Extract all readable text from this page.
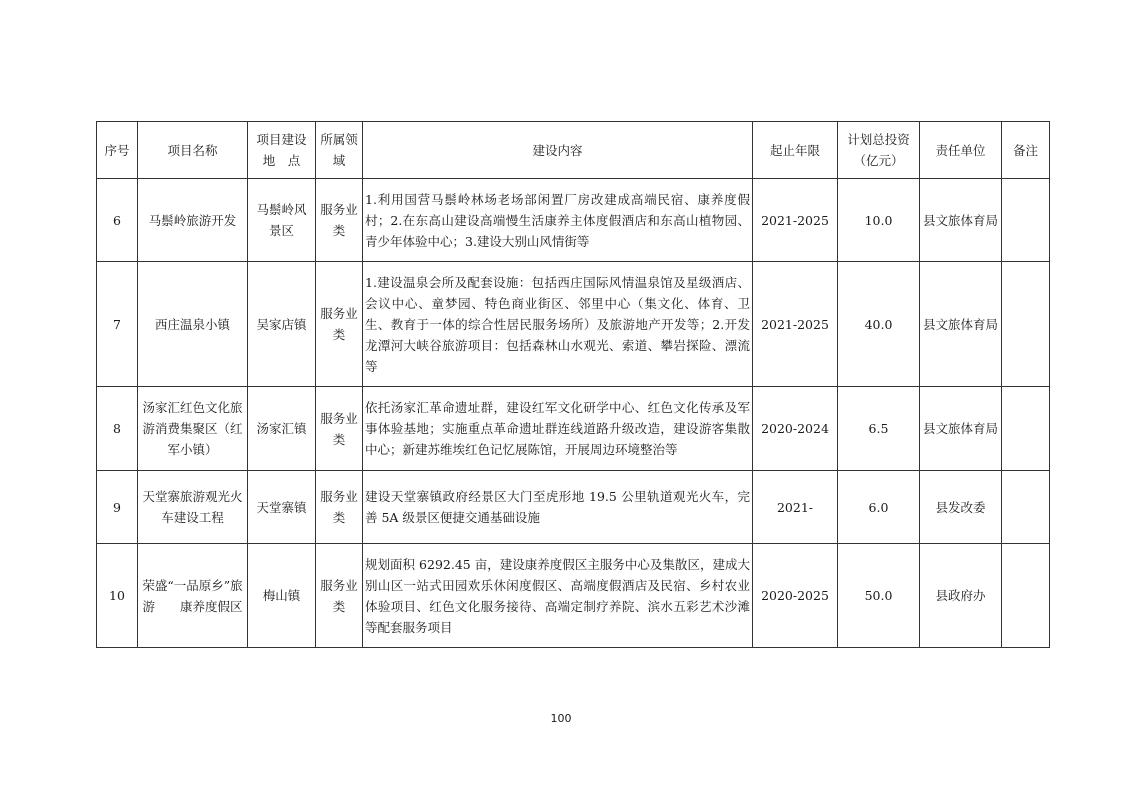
序号	项目名称	项目建设地　点	所属领域	建设内容	起止年限	计划总投资（亿元）	责任单位	备注
6	马鬃岭旅游开发	马鬃岭风景区	服务业类	1.利用国营马鬃岭林场老场部闲置厂房改建成高端民宿、康养度假村；2.在东高山建设高端慢生活康养主体度假酒店和东高山植物园、青少年体验中心；3.建设大别山风情街等	2021-2025	10.0	县文旅体育局	
7	西庄温泉小镇	吴家店镇	服务业类	1.建设温泉会所及配套设施：包括西庄国际风情温泉馆及星级酒店、会议中心、童梦园、特色商业街区、邻里中心（集文化、体育、卫生、教育于一体的综合性居民服务场所）及旅游地产开发等；2.开发龙潭河大峡谷旅游项目：包括森林山水观光、索道、攀岩探险、漂流等	2021-2025	40.0	县文旅体育局	
8	汤家汇红色文化旅游消费集聚区（红军小镇）	汤家汇镇	服务业类	依托汤家汇革命遗址群，建设红军文化研学中心、红色文化传承及军事体验基地；实施重点革命遗址群连线道路升级改造，建设游客集散中心；新建苏维埃红色记忆展陈馆，开展周边环境整治等	2020-2024	6.5	县文旅体育局	
9	天堂寨旅游观光火车建设工程	天堂寨镇	服务业类	建设天堂寨镇政府经景区大门至虎形地 19.5 公里轨道观光火车，完善 5A 级景区便捷交通基础设施	2021-	6.0	县发改委	
10	荣盛“一品原乡”旅游　　康养度假区	梅山镇	服务业类	规划面积 6292.45 亩，建设康养度假区主服务中心及集散区，建成大别山区一站式田园欢乐休闲度假区、高端度假酒店及民宿、乡村农业体验项目、红色文化服务接待、高端定制疗养院、滨水五彩艺术沙滩等配套服务项目	2020-2025	50.0	县政府办	
100
